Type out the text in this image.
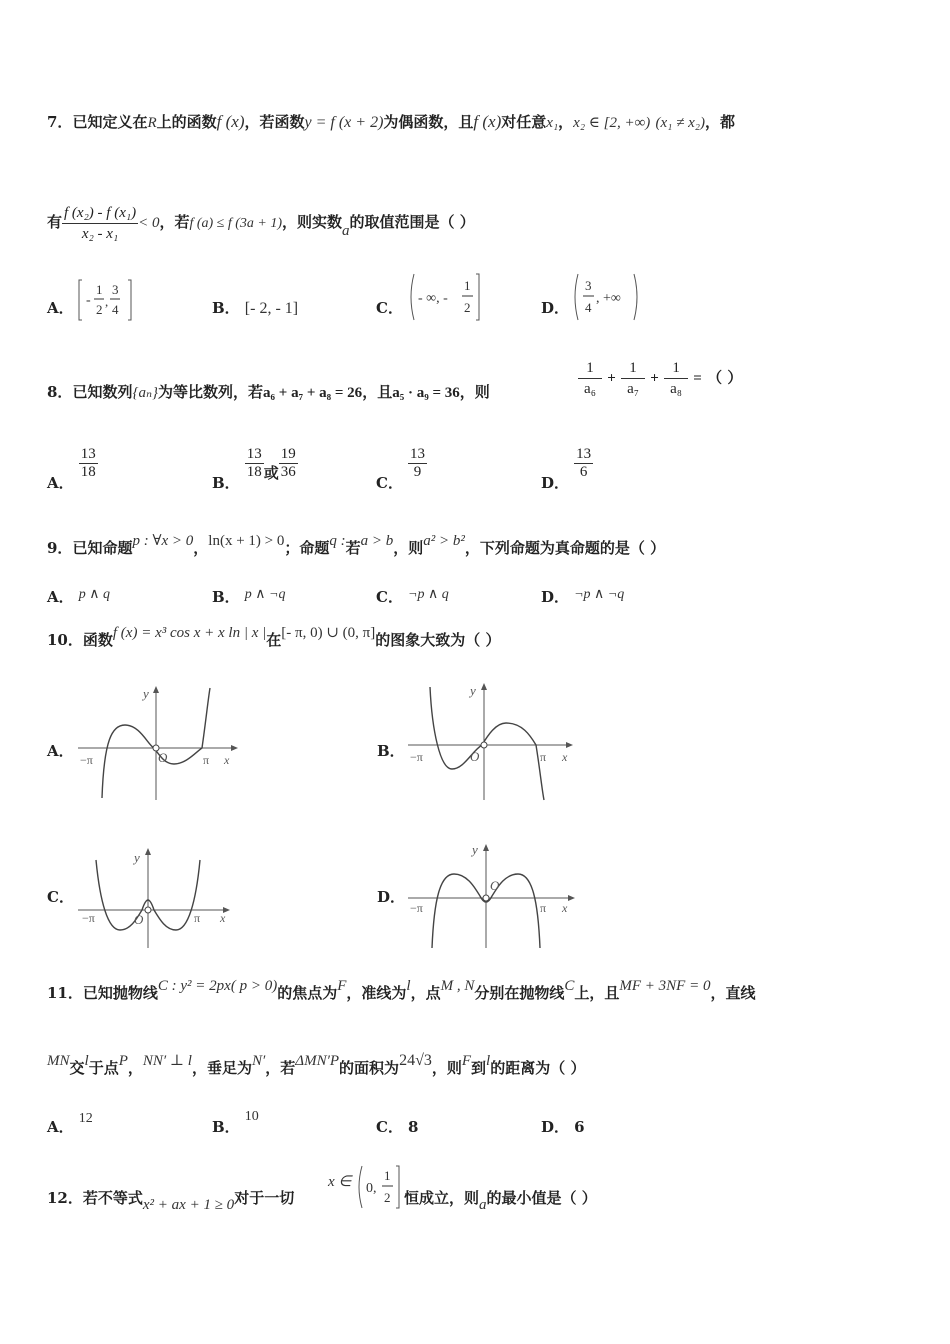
7．已知定义在R上的函数f (x)，若函数y = f (x + 2)为偶函数，且f (x)对任意x₁，x₂ ∈ [2, +∞) (x₁ ≠ x₂)，都
有 $\frac{\text{f (x₂) - f (x₁)}}{\text{x₂ - x₁}} < 0$，若f (a) ≤ f (3a + 1)，则实数a的取值范围是（ ）
A． -
1
2
,
3
4	B． [- 2, - 1]	C．
- ∞, -
1
2	D．
3
4
, +∞
8．已知数列{aₙ}为等比数列，若a₆ + a₇ + a₈ = 26，且a₅ · a₉ = 36，则	$\frac{1}{\text{a₆}} + \frac{1}{\text{a₇}} + \frac{1}{\text{a₈}}$ = （ ）
A．
$\frac{13}{18}$
B．
$\frac{13}{18}$ 或 $\frac{19}{36}$
C．
$\frac{13}{9}$
D．
$\frac{13}{6}$
9．已知命题p : ∀x > 0，ln(x + 1) > 0；命题q :若a > b，则a² > b²，下列命题为真命题的是（ ）
A． p ∧ q	B． p ∧ ¬q	C． ¬p ∧ q	D． ¬p ∧ ¬q
10．函数f (x) = x³ cos x + x ln | x |在[- π, 0) ∪ (0, π]的图象大致为（ ）
A．
y
O
−π	π x	B．
y
O
−π	π x
C．
y
O
−π	π x
D．
y
O
−π	π x
11．已知抛物线C : y² = 2px( p > 0)的焦点为F，准线为l，点M , N分别在抛物线C上，且MF + 3NF = 0，直线
MN交l于点P，NN′ ⊥ l，垂足为N′，若ΔMN′P的面积为24√3，则F到l的距离为（ ）
A． 12	B． 10
C． 8	D． 6
12．若不等式x² + ax + 1 ≥ 0对于一切
x ∈ 0,
1
2 恒成立，则a的最小值是（ ）
